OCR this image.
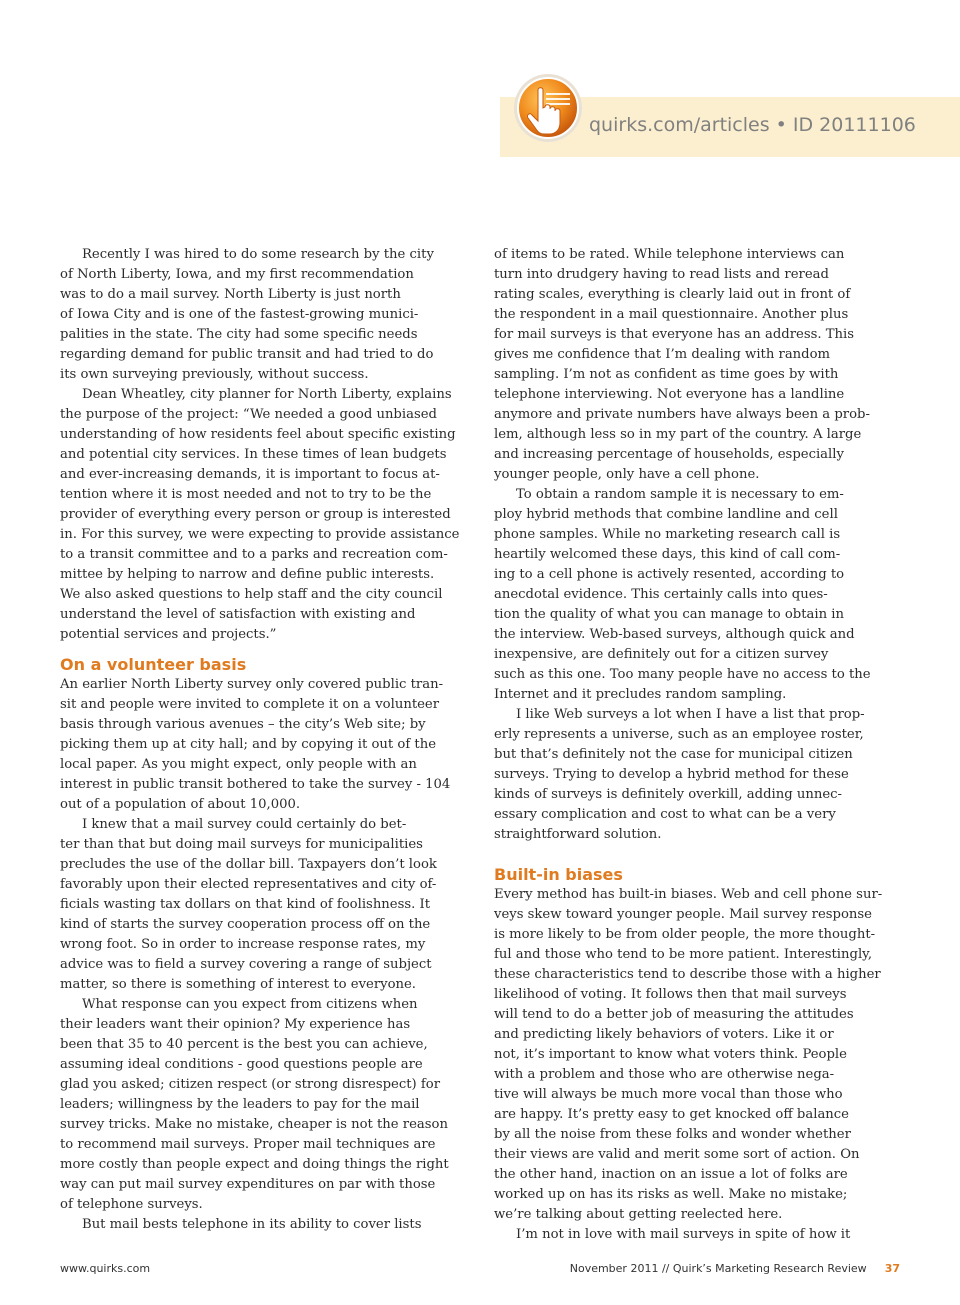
quirks.com/articles • ID 20111106

Recently I was hired to do some research by the city
of North Liberty, Iowa, and my first recommendation
was to do a mail survey. North Liberty is just north
of Iowa City and is one of the fastest-growing munici-
palities in the state. The city had some specific needs
regarding demand for public transit and had tried to do
its own surveying previously, without success.

Dean Wheatley, city planner for North Liberty, explains
the purpose of the project: “We needed a good unbiased
understanding of how residents feel about specific existing
and potential city services. In these times of lean budgets
and ever-increasing demands, it is important to focus at-
tention where it is most needed and not to try to be the
provider of everything every person or group is interested
in. For this survey, we were expecting to provide assistance
to a transit committee and to a parks and recreation com-
mittee by helping to narrow and define public interests.
We also asked questions to help staff and the city council
understand the level of satisfaction with existing and
potential services and projects.”

On a volunteer basis

An earlier North Liberty survey only covered public tran-
sit and people were invited to complete it on a volunteer
basis through various avenues – the city’s Web site; by
picking them up at city hall; and by copying it out of the
local paper. As you might expect, only people with an
interest in public transit bothered to take the survey - 104
out of a population of about 10,000.

I knew that a mail survey could certainly do bet-
ter than that but doing mail surveys for municipalities
precludes the use of the dollar bill. Taxpayers don’t look
favorably upon their elected representatives and city of-
ficials wasting tax dollars on that kind of foolishness. It
kind of starts the survey cooperation process off on the
wrong foot. So in order to increase response rates, my
advice was to field a survey covering a range of subject
matter, so there is something of interest to everyone.

What response can you expect from citizens when
their leaders want their opinion? My experience has
been that 35 to 40 percent is the best you can achieve,
assuming ideal conditions - good questions people are
glad you asked; citizen respect (or strong disrespect) for
leaders; willingness by the leaders to pay for the mail
survey tricks. Make no mistake, cheaper is not the reason
to recommend mail surveys. Proper mail techniques are
more costly than people expect and doing things the right
way can put mail survey expenditures on par with those
of telephone surveys.

But mail bests telephone in its ability to cover lists

of items to be rated. While telephone interviews can
turn into drudgery having to read lists and reread
rating scales, everything is clearly laid out in front of
the respondent in a mail questionnaire. Another plus
for mail surveys is that everyone has an address. This
gives me confidence that I’m dealing with random
sampling. I’m not as confident as time goes by with
telephone interviewing. Not everyone has a landline
anymore and private numbers have always been a prob-
lem, although less so in my part of the country. A large
and increasing percentage of households, especially
younger people, only have a cell phone.

To obtain a random sample it is necessary to em-
ploy hybrid methods that combine landline and cell
phone samples. While no marketing research call is
heartily welcomed these days, this kind of call com-
ing to a cell phone is actively resented, according to
anecdotal evidence. This certainly calls into ques-
tion the quality of what you can manage to obtain in
the interview. Web-based surveys, although quick and
inexpensive, are definitely out for a citizen survey
such as this one. Too many people have no access to the
Internet and it precludes random sampling.

I like Web surveys a lot when I have a list that prop-
erly represents a universe, such as an employee roster,
but that’s definitely not the case for municipal citizen
surveys. Trying to develop a hybrid method for these
kinds of surveys is definitely overkill, adding unnec-
essary complication and cost to what can be a very
straightforward solution.

Built-in biases

Every method has built-in biases. Web and cell phone sur-
veys skew toward younger people. Mail survey response
is more likely to be from older people, the more thought-
ful and those who tend to be more patient. Interestingly,
these characteristics tend to describe those with a higher
likelihood of voting. It follows then that mail surveys
will tend to do a better job of measuring the attitudes
and predicting likely behaviors of voters. Like it or
not, it’s important to know what voters think. People
with a problem and those who are otherwise nega-
tive will always be much more vocal than those who
are happy. It’s pretty easy to get knocked off balance
by all the noise from these folks and wonder whether
their views are valid and merit some sort of action. On
the other hand, inaction on an issue a lot of folks are
worked up on has its risks as well. Make no mistake;
we’re talking about getting reelected here.

I’m not in love with mail surveys in spite of how it

www.quirks.com	November 2011 // Quirk’s Marketing Research Review 37
